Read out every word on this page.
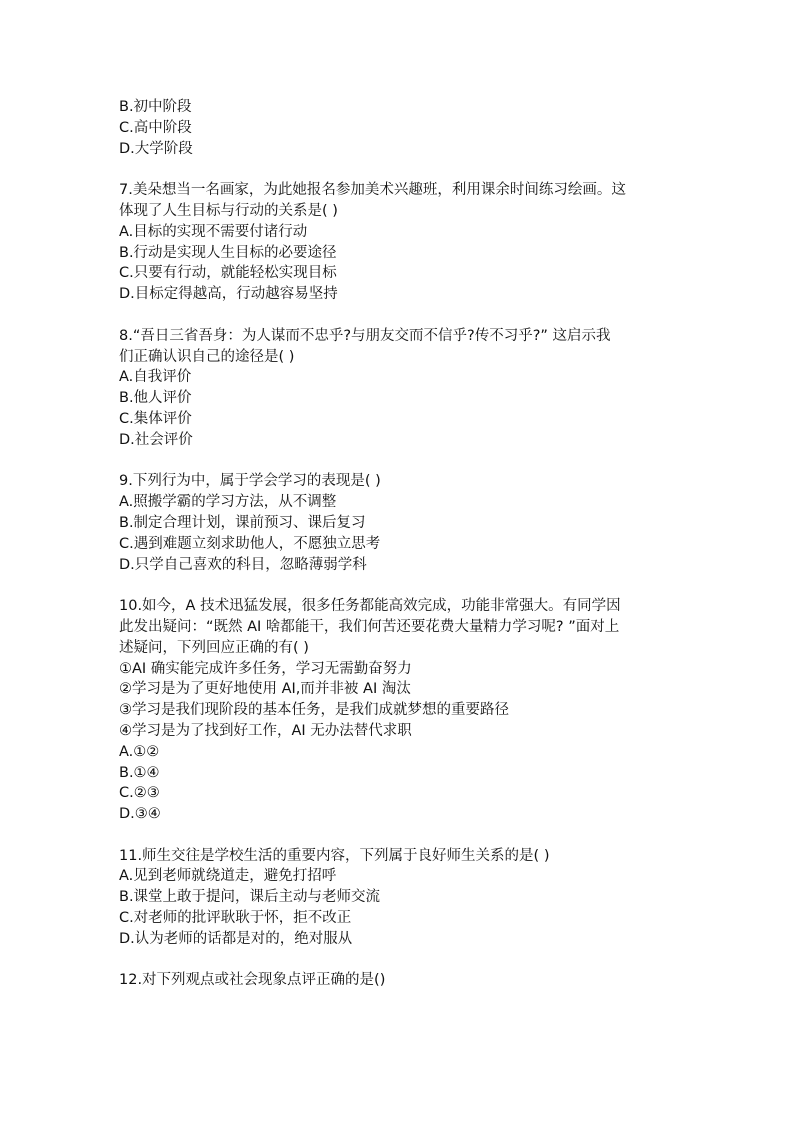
B.初中阶段
C.高中阶段
D.大学阶段
7.美朵想当一名画家，为此她报名参加美术兴趣班，利用课余时间练习绘画。这
体现了人生目标与行动的关系是( )
A.目标的实现不需要付诸行动
B.行动是实现人生目标的必要途径
C.只要有行动，就能轻松实现目标
D.目标定得越高，行动越容易坚持
8.“吾日三省吾身：为人谋而不忠乎?与朋友交而不信乎?传不习乎?” 这启示我
们正确认识自己的途径是( )
A.自我评价
B.他人评价
C.集体评价
D.社会评价
9.下列行为中，属于学会学习的表现是( )
A.照搬学霸的学习方法，从不调整
B.制定合理计划，课前预习、课后复习
C.遇到难题立刻求助他人，不愿独立思考
D.只学自己喜欢的科目，忽略薄弱学科
10.如今，A 技术迅猛发展，很多任务都能高效完成，功能非常强大。有同学因
此发出疑问：“既然 AI 啥都能干，我们何苦还要花费大量精力学习呢? ”面对上
述疑问，下列回应正确的有( )
①AI 确实能完成许多任务，学习无需勤奋努力
②学习是为了更好地使用 AI,而并非被 AI 淘汰
③学习是我们现阶段的基本任务，是我们成就梦想的重要路径
④学习是为了找到好工作，AI 无办法替代求职
A.①②
B.①④
C.②③
D.③④
11.师生交往是学校生活的重要内容，下列属于良好师生关系的是( )
A.见到老师就绕道走，避免打招呼
B.课堂上敢于提问，课后主动与老师交流
C.对老师的批评耿耿于怀，拒不改正
D.认为老师的话都是对的，绝对服从
12.对下列观点或社会现象点评正确的是()
